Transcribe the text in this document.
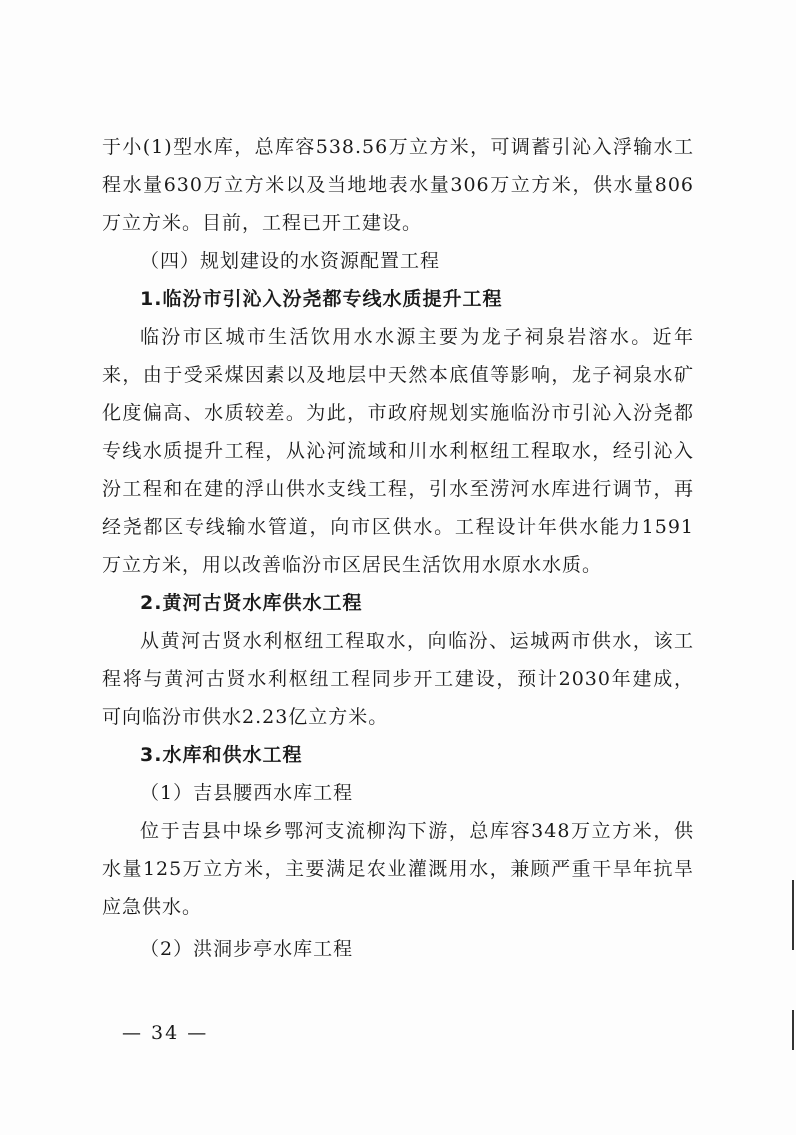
于小(1)型水库，总库容538.56万立方米，可调蓄引沁入浮输水工
程水量630万立方米以及当地地表水量306万立方米，供水量806
万立方米。目前，工程已开工建设。
（四）规划建设的水资源配置工程
1.临汾市引沁入汾尧都专线水质提升工程
临汾市区城市生活饮用水水源主要为龙子祠泉岩溶水。近年
来，由于受采煤因素以及地层中天然本底值等影响，龙子祠泉水矿
化度偏高、水质较差。为此，市政府规划实施临汾市引沁入汾尧都
专线水质提升工程，从沁河流域和川水利枢纽工程取水，经引沁入
汾工程和在建的浮山供水支线工程，引水至涝河水库进行调节，再
经尧都区专线输水管道，向市区供水。工程设计年供水能力1591
万立方米，用以改善临汾市区居民生活饮用水原水水质。
2.黄河古贤水库供水工程
从黄河古贤水利枢纽工程取水，向临汾、运城两市供水，该工
程将与黄河古贤水利枢纽工程同步开工建设，预计2030年建成，
可向临汾市供水2.23亿立方米。
3.水库和供水工程
（1）吉县腰西水库工程
位于吉县中垛乡鄂河支流柳沟下游，总库容348万立方米，供
水量125万立方米，主要满足农业灌溉用水，兼顾严重干旱年抗旱
应急供水。
（2）洪洞步亭水库工程
— 34 —
